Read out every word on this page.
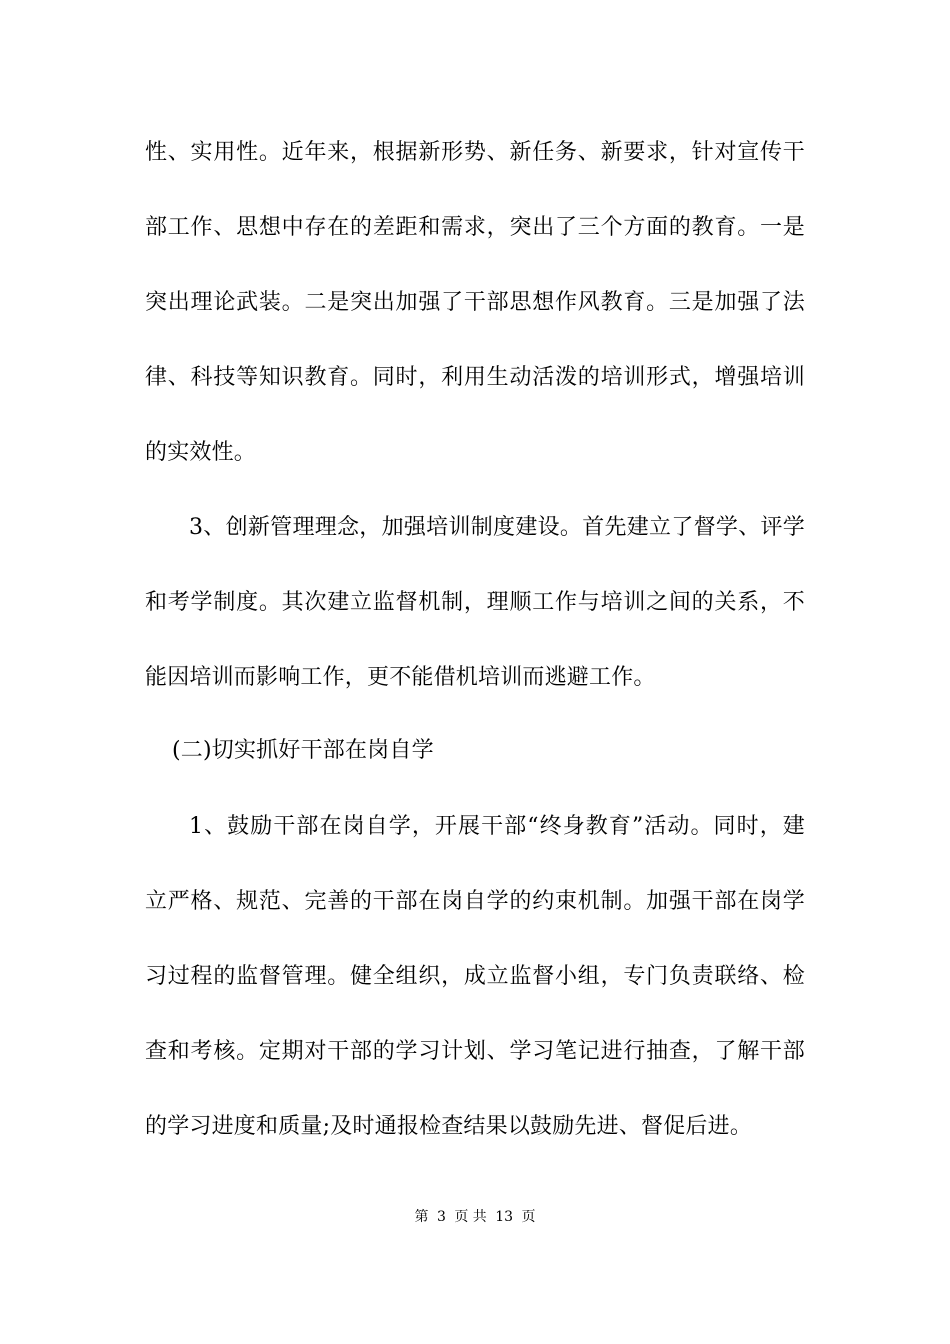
性、实用性。近年来，根据新形势、新任务、新要求，针对宣传干
部工作、思想中存在的差距和需求，突出了三个方面的教育。一是
突出理论武装。二是突出加强了干部思想作风教育。三是加强了法
律、科技等知识教育。同时，利用生动活泼的培训形式，增强培训
的实效性。
3、创新管理理念，加强培训制度建设。首先建立了督学、评学
和考学制度。其次建立监督机制，理顺工作与培训之间的关系，不
能因培训而影响工作，更不能借机培训而逃避工作。
(二)切实抓好干部在岗自学
1、鼓励干部在岗自学，开展干部“终身教育”活动。同时，建
立严格、规范、完善的干部在岗自学的约束机制。加强干部在岗学
习过程的监督管理。健全组织，成立监督小组，专门负责联络、检
查和考核。定期对干部的学习计划、学习笔记进行抽查，了解干部
的学习进度和质量;及时通报检查结果以鼓励先进、督促后进。
第 3 页 共 13 页
